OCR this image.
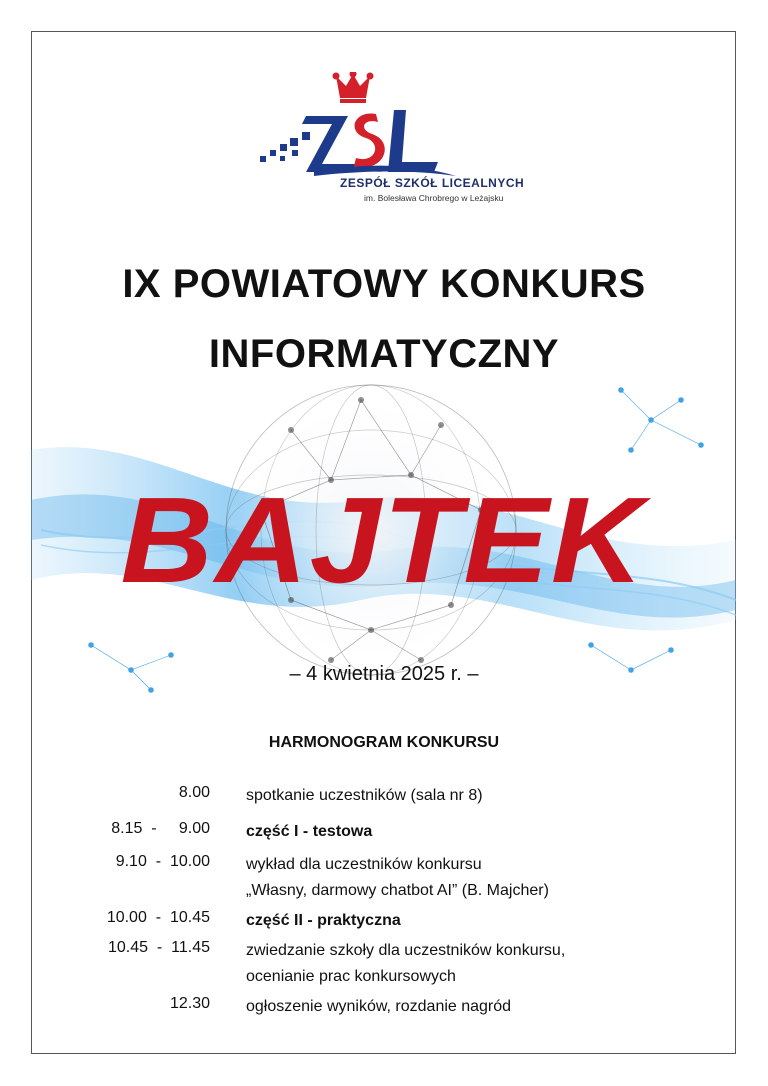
ZESPÓŁ SZKÓŁ LICEALNYCH
im. Bolesława Chrobrego w Leżajsku
IX POWIATOWY KONKURS
INFORMATYCZNY
BAJTEK
– 4 kwietnia 2025 r. –
HARMONOGRAM KONKURSU
8.00 spotkanie uczestników (sala nr 8)
8.15  -     9.00 część I - testowa
9.10  -  10.00 wykład dla uczestników konkursu
„Własny, darmowy chatbot AI” (B. Majcher)
10.00  -  10.45 część II - praktyczna
10.45  -  11.45 zwiedzanie szkoły dla uczestników konkursu,
ocenianie prac konkursowych
12.30 ogłoszenie wyników, rozdanie nagród
